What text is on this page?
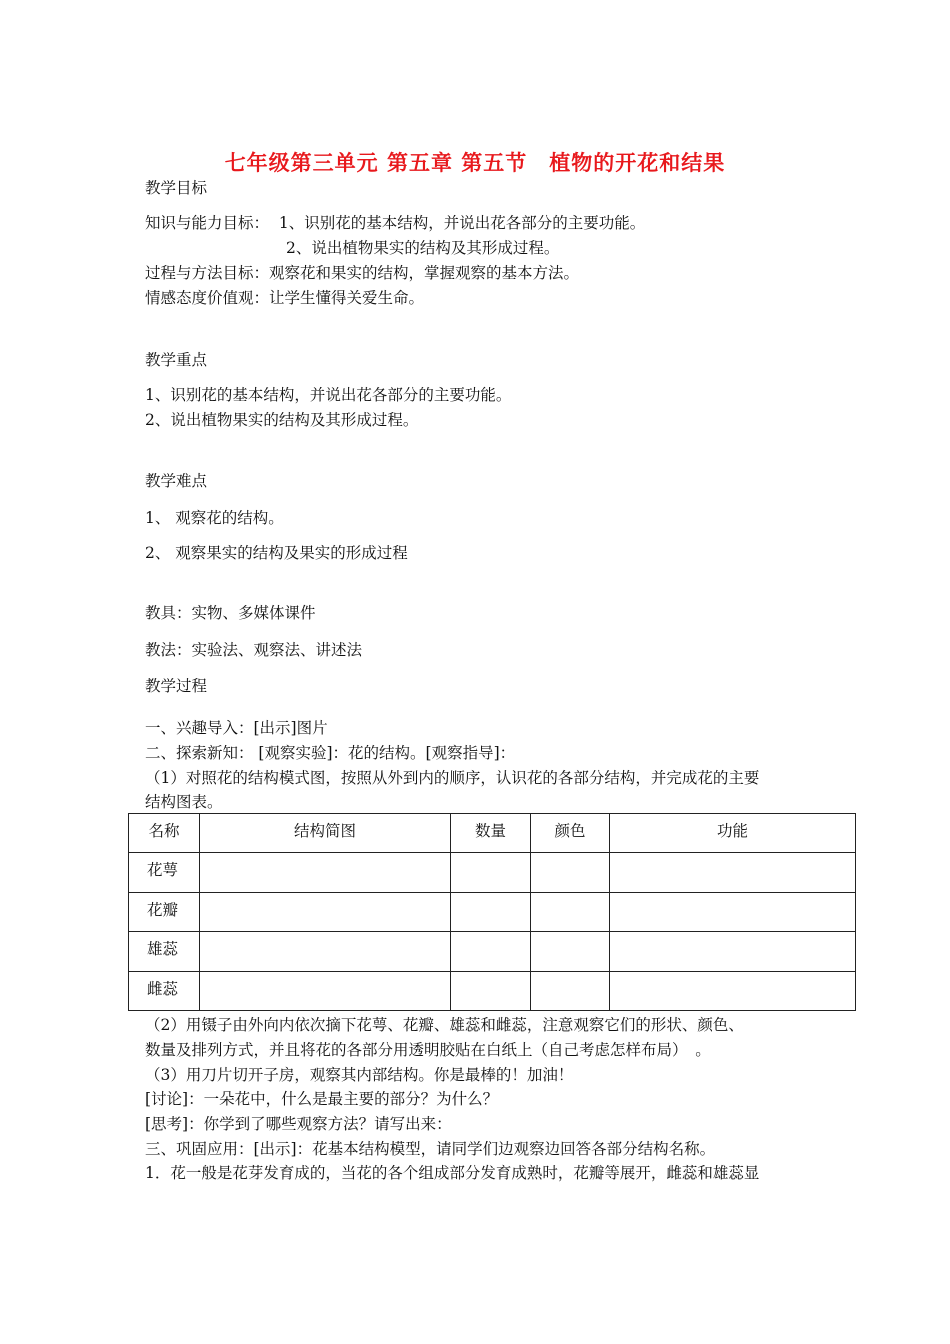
七年级第三单元 第五章 第五节　植物的开花和结果
教学目标
知识与能力目标： 1、识别花的基本结构，并说出花各部分的主要功能。
2、说出植物果实的结构及其形成过程。
过程与方法目标：观察花和果实的结构，掌握观察的基本方法。
情感态度价值观：让学生懂得关爱生命。
教学重点
1、识别花的基本结构，并说出花各部分的主要功能。
2、说出植物果实的结构及其形成过程。
教学难点
1、 观察花的结构。
2、 观察果实的结构及果实的形成过程
教具：实物、多媒体课件
教法：实验法、观察法、讲述法
教学过程
一、兴趣导入：[出示]图片
二、探索新知： [观察实验]：花的结构。[观察指导]：
（1）对照花的结构模式图，按照从外到内的顺序，认识花的各部分结构，并完成花的主要
结构图表。
名称	结构简图	数量	颜色	功能
花萼				
花瓣				
雄蕊				
雌蕊				
（2）用镊子由外向内依次摘下花萼、花瓣、雄蕊和雌蕊，注意观察它们的形状、颜色、
数量及排列方式，并且将花的各部分用透明胶贴在白纸上（自己考虑怎样布局）　。
（3）用刀片切开子房，观察其内部结构。你是最棒的！加油！
[讨论]：一朵花中，什么是最主要的部分？为什么？
[思考]：你学到了哪些观察方法？请写出来：
三、巩固应用：[出示]：花基本结构模型，请同学们边观察边回答各部分结构名称。
1．花一般是花芽发育成的，当花的各个组成部分发育成熟时，花瓣等展开，雌蕊和雄蕊显
